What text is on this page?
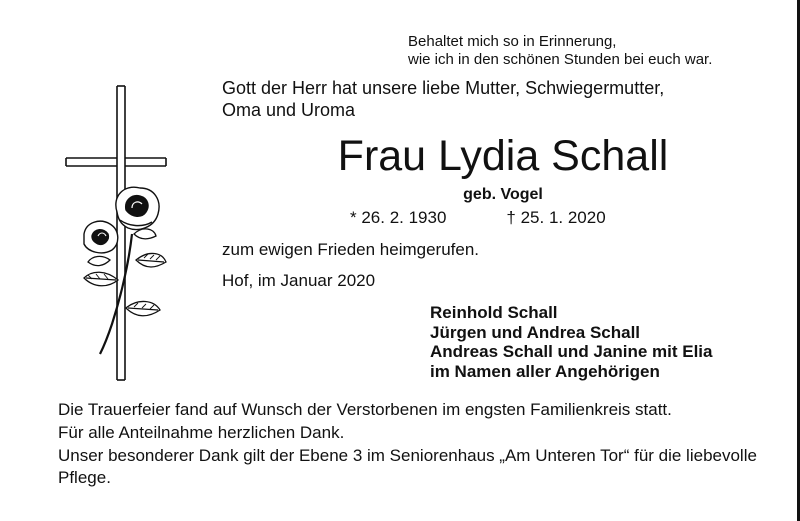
Behaltet mich so in Erinnerung,
wie ich in den schönen Stunden bei euch war.
Gott der Herr hat unsere liebe Mutter, Schwiegermutter,
Oma und Uroma
Frau Lydia Schall
geb. Vogel
* 26. 2. 1930	† 25. 1. 2020
zum ewigen Frieden heimgerufen.
Hof, im Januar 2020
Reinhold Schall
Jürgen und Andrea Schall
Andreas Schall und Janine mit Elia
im Namen aller Angehörigen
Die Trauerfeier fand auf Wunsch der Verstorbenen im engsten Familienkreis statt.
Für alle Anteilnahme herzlichen Dank.
Unser besonderer Dank gilt der Ebene 3 im Seniorenhaus „Am Unteren Tor“ für die liebevolle Pflege.
